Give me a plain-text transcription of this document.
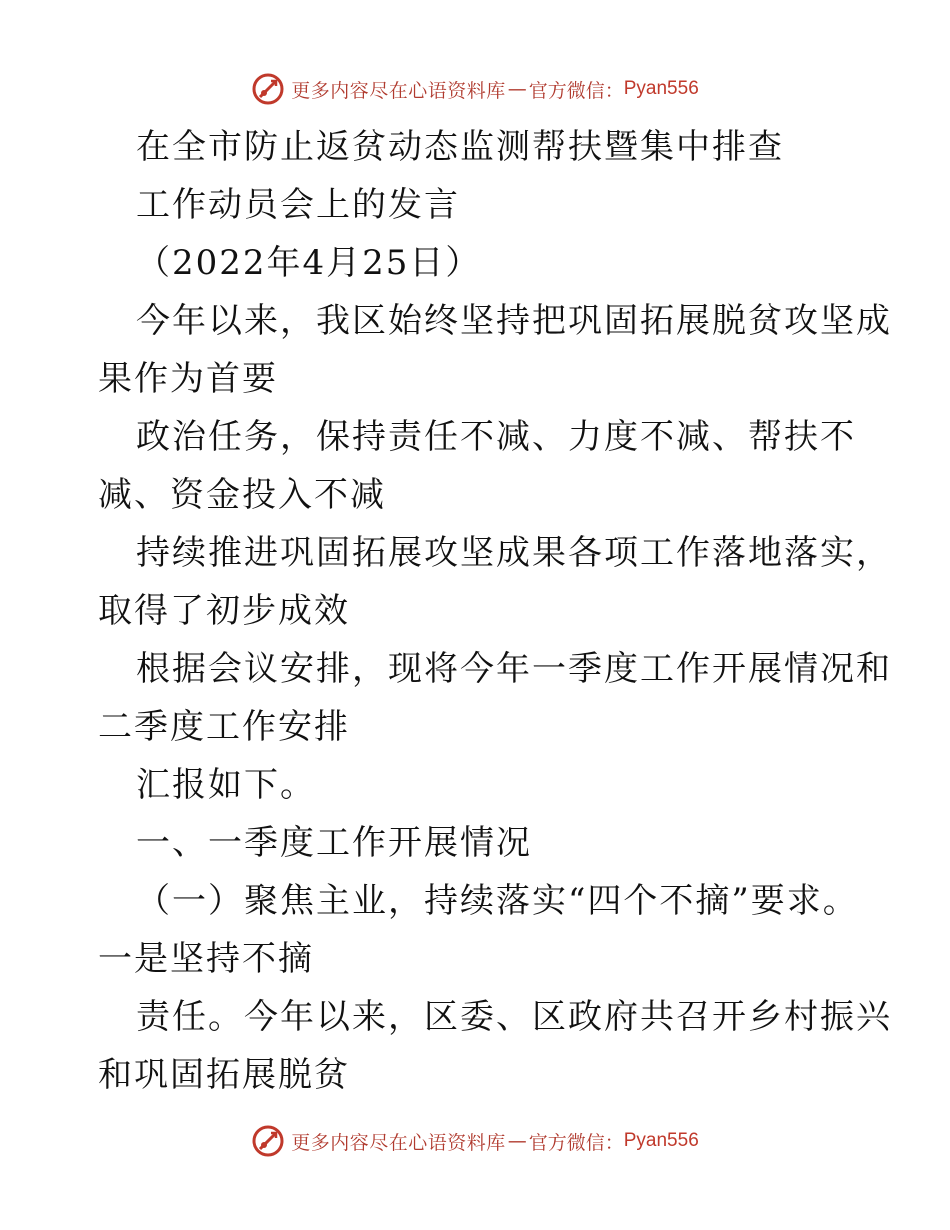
更多内容尽在心语资料库 — 官方微信： Pyan556
在全市防止返贫动态监测帮扶暨集中排查
工作动员会上的发言
（2022年4月25日）
今年以来，我区始终坚持把巩固拓展脱贫攻坚成
果作为首要
政治任务，保持责任不减、力度不减、帮扶不
减、资金投入不减
持续推进巩固拓展攻坚成果各项工作落地落实，
取得了初步成效
根据会议安排，现将今年一季度工作开展情况和
二季度工作安排
汇报如下。
一、一季度工作开展情况
（一）聚焦主业，持续落实“四个不摘”要求。
一是坚持不摘
责任。今年以来，区委、区政府共召开乡村振兴
和巩固拓展脱贫
更多内容尽在心语资料库 — 官方微信： Pyan556
